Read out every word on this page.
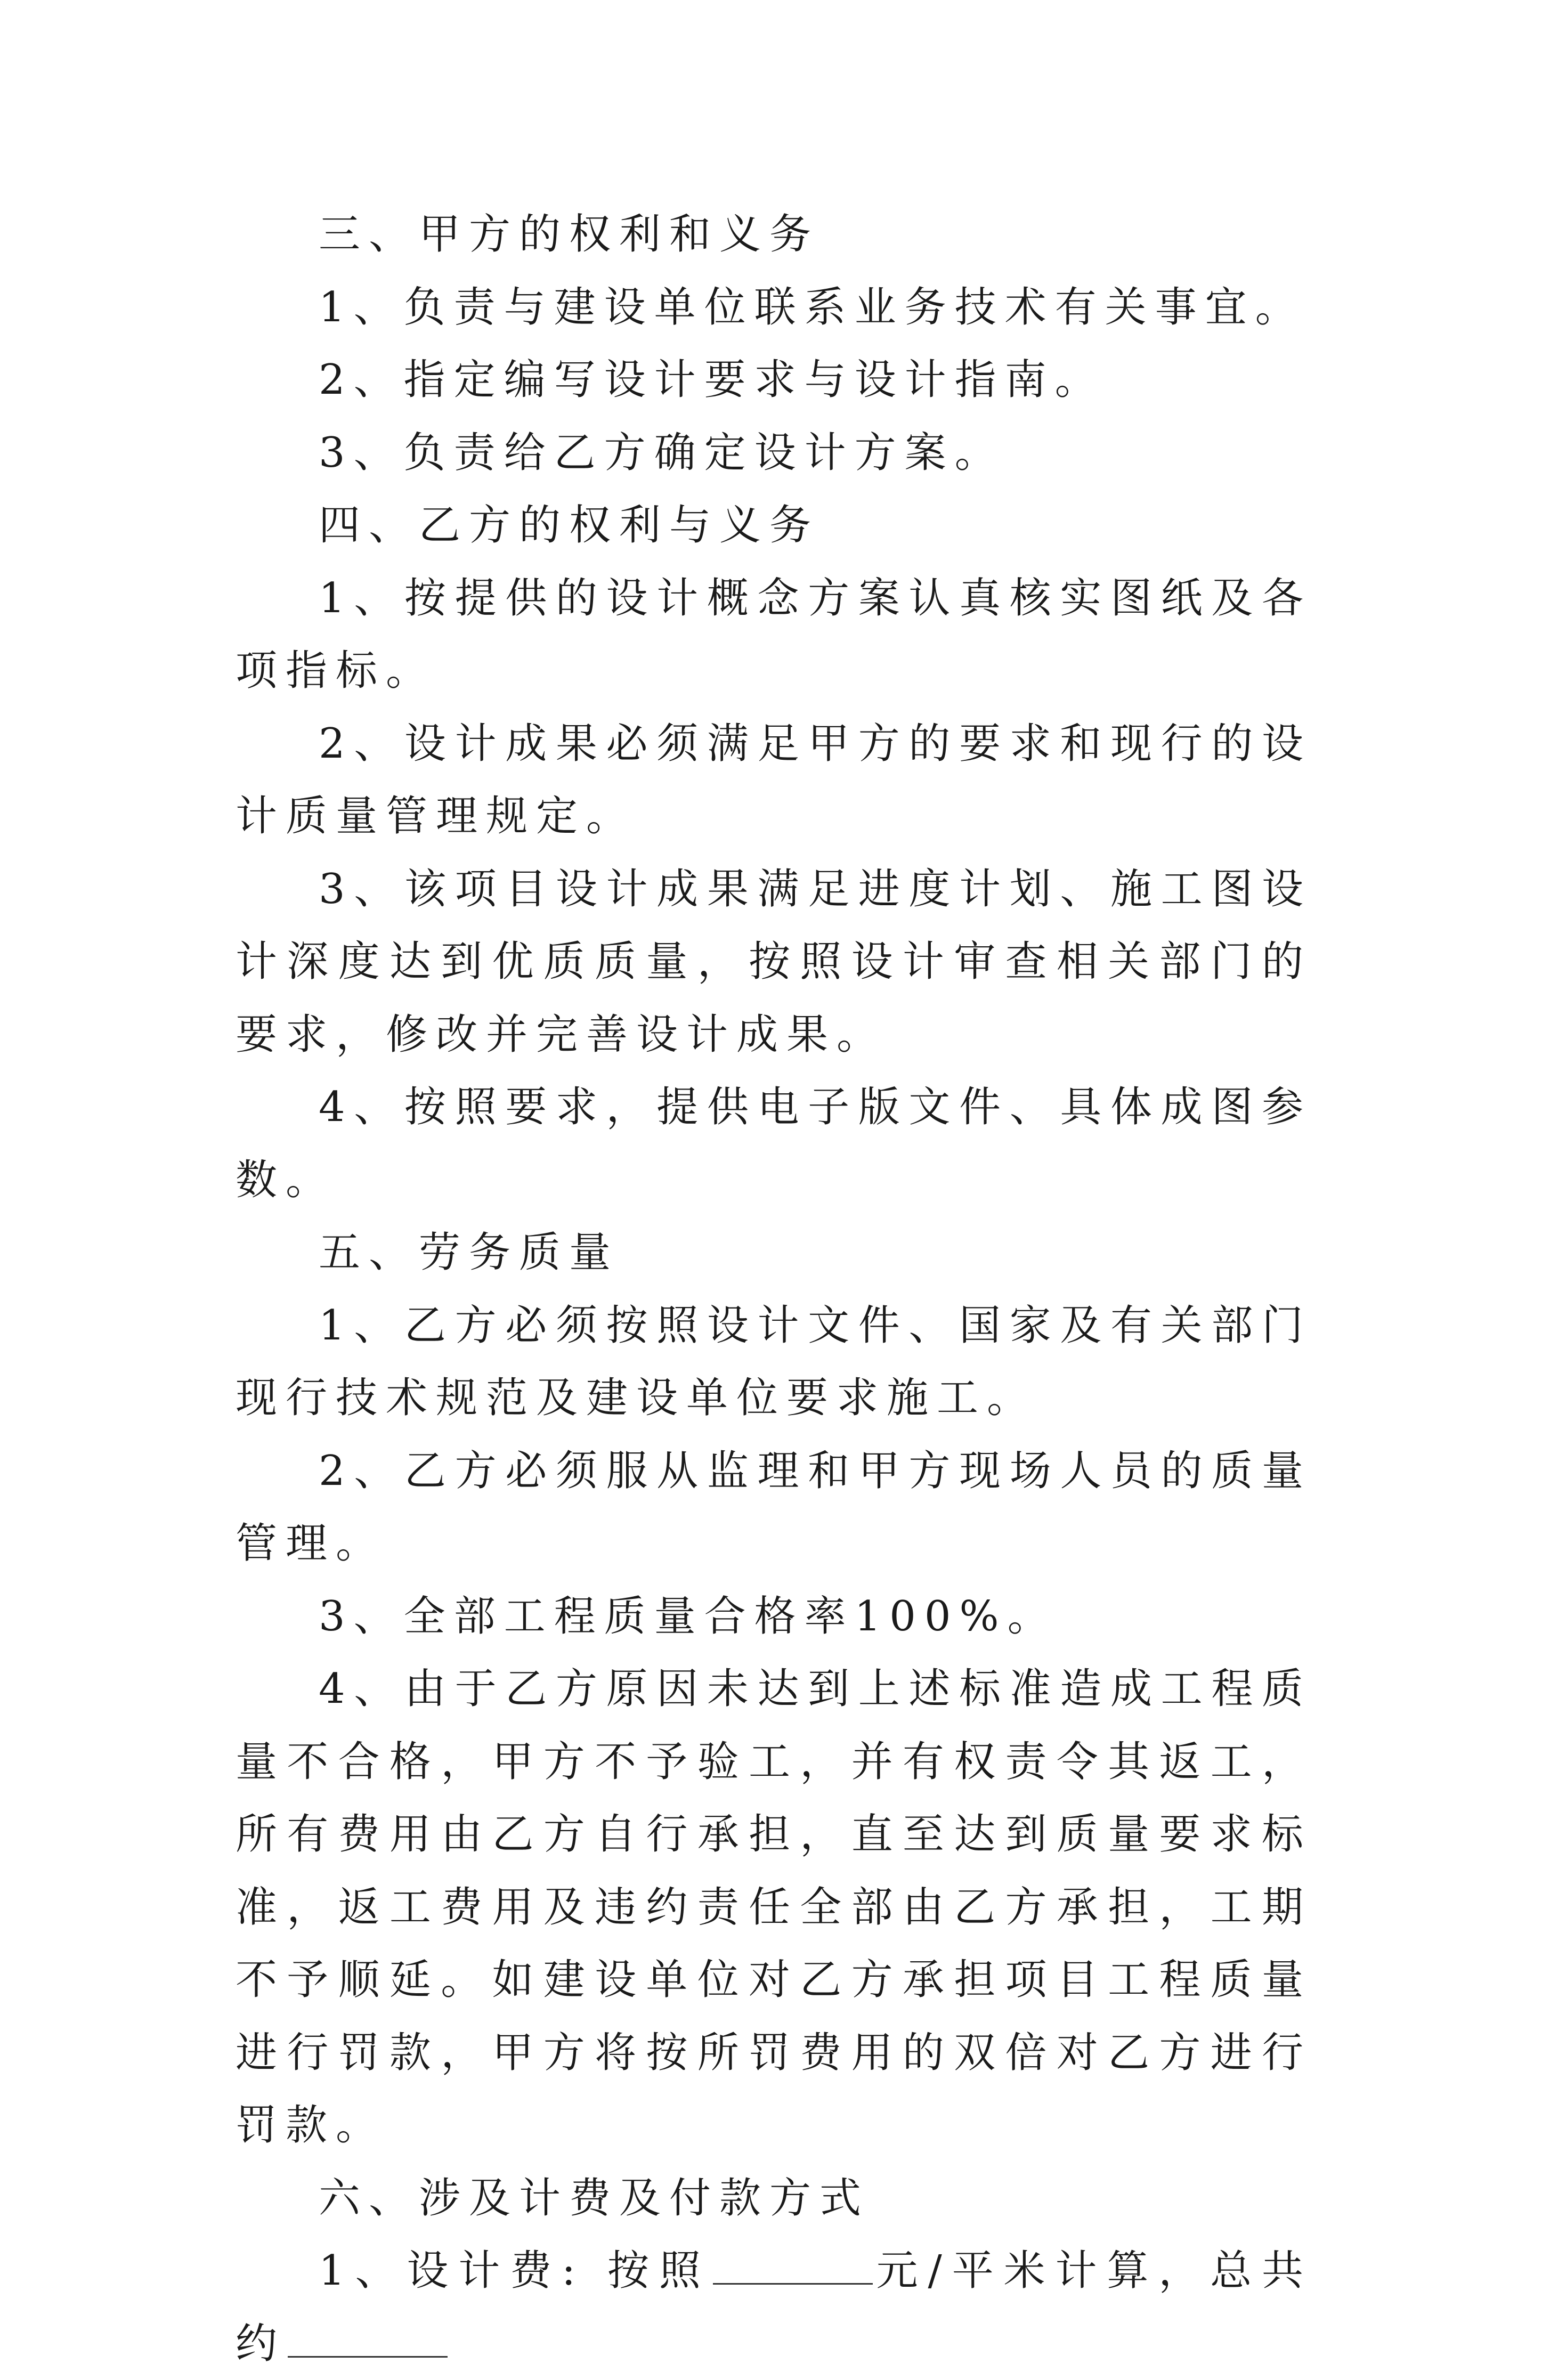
三、甲方的权利和义务

1、负责与建设单位联系业务技术有关事宜。

2、指定编写设计要求与设计指南。

3、负责给乙方确定设计方案。

四、乙方的权利与义务

1、按提供的设计概念方案认真核实图纸及各项指标。

2、设计成果必须满足甲方的要求和现行的设计质量管理规定。

3、该项目设计成果满足进度计划、施工图设计深度达到优质质量，按照设计审查相关部门的要求，修改并完善设计成果。

4、按照要求，提供电子版文件、具体成图参数。

五、劳务质量

1、乙方必须按照设计文件、国家及有关部门现行技术规范及建设单位要求施工。

2、乙方必须服从监理和甲方现场人员的质量管理。

3、全部工程质量合格率100%。

4、由于乙方原因未达到上述标准造成工程质量不合格，甲方不予验工，并有权责令其返工，所有费用由乙方自行承担，直至达到质量要求标准，返工费用及违约责任全部由乙方承担，工期不予顺延。如建设单位对乙方承担项目工程质量进行罚款，甲方将按所罚费用的双倍对乙方进行罚款。

六、涉及计费及付款方式

1、设计费: 按照	元/平米计算，总共约
